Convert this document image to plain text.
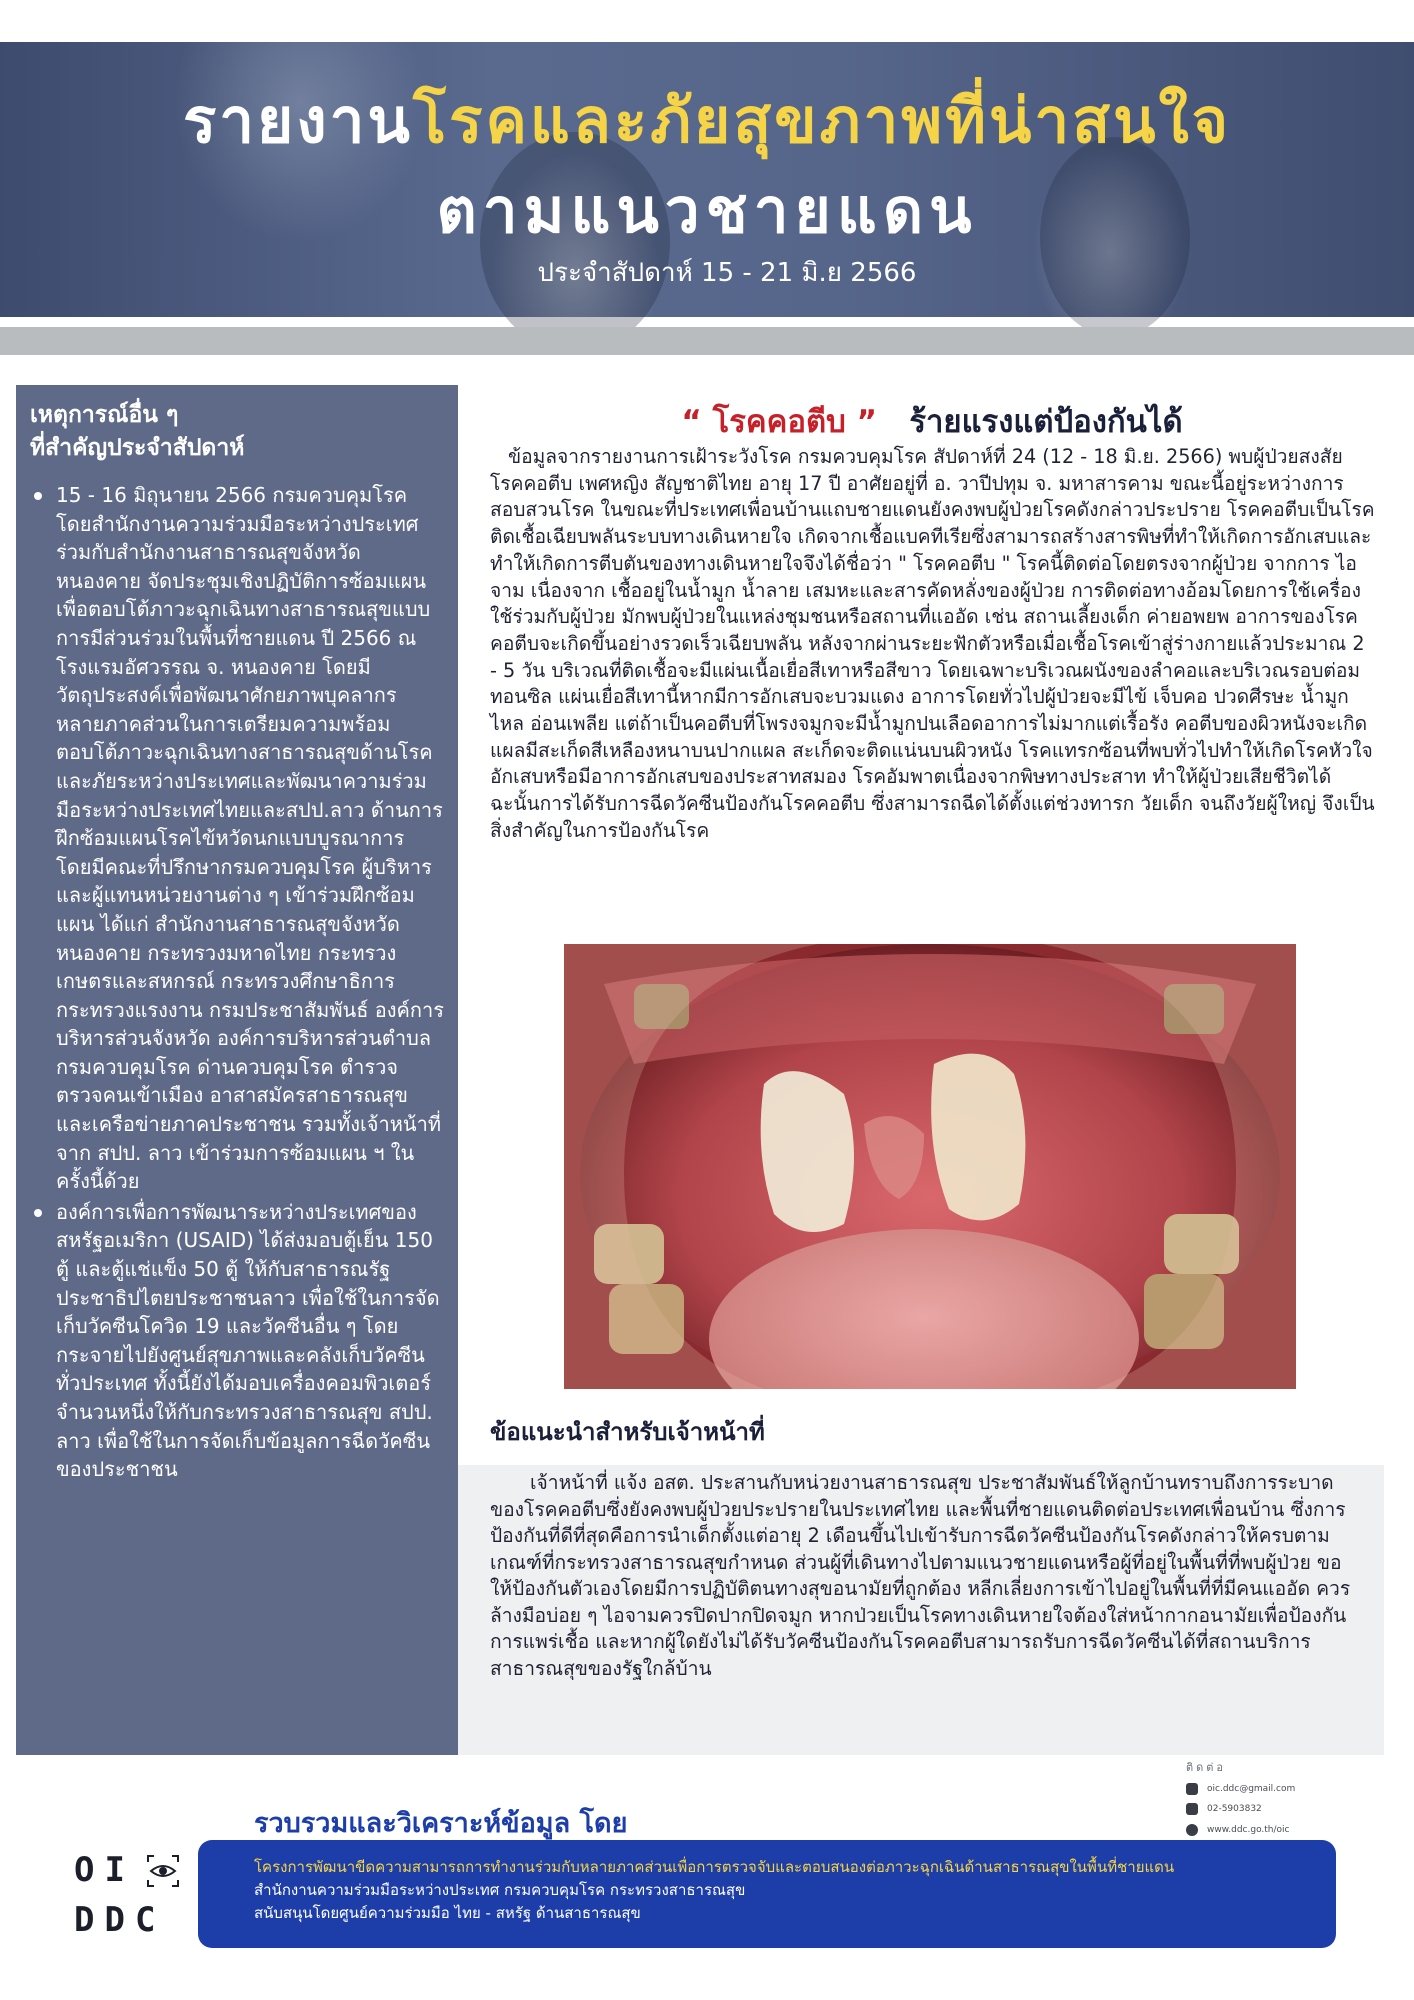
รายงานโรคและภัยสุขภาพที่น่าสนใจ
ตามแนวชายแดน
ประจำสัปดาห์ 15 - 21 มิ.ย 2566
เหตุการณ์อื่น ๆ
ที่สำคัญประจำสัปดาห์
15 - 16 มิถุนายน 2566 กรมควบคุมโรค โดยสำนักงานความร่วมมือระหว่างประเทศ ร่วมกับสำนักงานสาธารณสุขจังหวัดหนองคาย จัดประชุมเชิงปฏิบัติการซ้อมแผนเพื่อตอบโต้ภาวะฉุกเฉินทางสาธารณสุขแบบการมีส่วนร่วมในพื้นที่ชายแดน ปี 2566 ณ โรงแรมอัศวรรณ จ. หนองคาย โดยมีวัตถุประสงค์เพื่อพัฒนาศักยภาพบุคลากรหลายภาคส่วนในการเตรียมความพร้อมตอบโต้ภาวะฉุกเฉินทางสาธารณสุขด้านโรคและภัยระหว่างประเทศและพัฒนาความร่วมมือระหว่างประเทศไทยและสปป.ลาว ด้านการฝึกซ้อมแผนโรคไข้หวัดนกแบบบูรณาการ โดยมีคณะที่ปรึกษากรมควบคุมโรค ผู้บริหารและผู้แทนหน่วยงานต่าง ๆ เข้าร่วมฝึกซ้อมแผน ได้แก่ สำนักงานสาธารณสุขจังหวัดหนองคาย กระทรวงมหาดไทย กระทรวงเกษตรและสหกรณ์ กระทรวงศึกษาธิการ กระทรวงแรงงาน กรมประชาสัมพันธ์ องค์การบริหารส่วนจังหวัด องค์การบริหารส่วนตำบล กรมควบคุมโรค ด่านควบคุมโรค ตำรวจตรวจคนเข้าเมือง อาสาสมัครสาธารณสุข และเครือข่ายภาคประชาชน รวมทั้งเจ้าหน้าที่จาก สปป. ลาว เข้าร่วมการซ้อมแผน ฯ ในครั้งนี้ด้วย
องค์การเพื่อการพัฒนาระหว่างประเทศของสหรัฐอเมริกา (USAID) ได้ส่งมอบตู้เย็น 150 ตู้ และตู้แช่แข็ง 50 ตู้ ให้กับสาธารณรัฐประชาธิปไตยประชาชนลาว เพื่อใช้ในการจัดเก็บวัคซีนโควิด 19 และวัคซีนอื่น ๆ โดยกระจายไปยังศูนย์สุขภาพและคลังเก็บวัคซีนทั่วประเทศ ทั้งนี้ยังได้มอบเครื่องคอมพิวเตอร์จำนวนหนึ่งให้กับกระทรวงสาธารณสุข สปป. ลาว เพื่อใช้ในการจัดเก็บข้อมูลการฉีดวัคซีนของประชาชน
“ โรคคอตีบ ” ร้ายแรงแต่ป้องกันได้
ข้อมูลจากรายงานการเฝ้าระวังโรค กรมควบคุมโรค สัปดาห์ที่ 24 (12 - 18 มิ.ย. 2566) พบผู้ป่วยสงสัยโรคคอตีบ เพศหญิง สัญชาติไทย อายุ 17 ปี อาศัยอยู่ที่ อ. วาปีปทุม จ. มหาสารคาม ขณะนี้อยู่ระหว่างการสอบสวนโรค ในขณะที่ประเทศเพื่อนบ้านแถบชายแดนยังคงพบผู้ป่วยโรคดังกล่าวประปราย โรคคอตีบเป็นโรคติดเชื้อเฉียบพลันระบบทางเดินหายใจ เกิดจากเชื้อแบคทีเรียซึ่งสามารถสร้างสารพิษที่ทำให้เกิดการอักเสบและทำให้เกิดการตีบตันของทางเดินหายใจจึงได้ชื่อว่า " โรคคอตีบ " โรคนี้ติดต่อโดยตรงจากผู้ป่วย จากการ ไอ จาม เนื่องจาก เชื้ออยู่ในน้ำมูก น้ำลาย เสมหะและสารคัดหลั่งของผู้ป่วย การติดต่อทางอ้อมโดยการใช้เครื่องใช้ร่วมกับผู้ป่วย มักพบผู้ป่วยในแหล่งชุมชนหรือสถานที่แออัด เช่น สถานเลี้ยงเด็ก ค่ายอพยพ อาการของโรคคอตีบจะเกิดขึ้นอย่างรวดเร็วเฉียบพลัน หลังจากผ่านระยะฟักตัวหรือเมื่อเชื้อโรคเข้าสู่ร่างกายแล้วประมาณ 2 - 5 วัน บริเวณที่ติดเชื้อจะมีแผ่นเนื้อเยื่อสีเทาหรือสีขาว โดยเฉพาะบริเวณผนังของลำคอและบริเวณรอบต่อมทอนซิล แผ่นเยื่อสีเทานี้หากมีการอักเสบจะบวมแดง อาการโดยทั่วไปผู้ป่วยจะมีไข้ เจ็บคอ ปวดศีรษะ น้ำมูกไหล อ่อนเพลีย แต่ถ้าเป็นคอตีบที่โพรงจมูกจะมีน้ำมูกปนเลือดอาการไม่มากแต่เรื้อรัง คอตีบของผิวหนังจะเกิดแผลมีสะเก็ดสีเหลืองหนาบนปากแผล สะเก็ดจะติดแน่นบนผิวหนัง โรคแทรกซ้อนที่พบทั่วไปทำให้เกิดโรคหัวใจอักเสบหรือมีอาการอักเสบของประสาทสมอง โรคอัมพาตเนื่องจากพิษทางประสาท ทำให้ผู้ป่วยเสียชีวิตได้ ฉะนั้นการได้รับการฉีดวัคซีนป้องกันโรคคอตีบ ซึ่งสามารถฉีดได้ตั้งแต่ช่วงทารก วัยเด็ก จนถึงวัยผู้ใหญ่ จึงเป็นสิ่งสำคัญในการป้องกันโรค
ข้อแนะนำสำหรับเจ้าหน้าที่
เจ้าหน้าที่ แจ้ง อสต. ประสานกับหน่วยงานสาธารณสุข ประชาสัมพันธ์ให้ลูกบ้านทราบถึงการระบาดของโรคคอตีบซึ่งยังคงพบผู้ป่วยประปรายในประเทศไทย และพื้นที่ชายแดนติดต่อประเทศเพื่อนบ้าน ซึ่งการป้องกันที่ดีที่สุดคือการนำเด็กตั้งแต่อายุ 2 เดือนขึ้นไปเข้ารับการฉีดวัคซีนป้องกันโรคดังกล่าวให้ครบตามเกณฑ์ที่กระทรวงสาธารณสุขกำหนด ส่วนผู้ที่เดินทางไปตามแนวชายแดนหรือผู้ที่อยู่ในพื้นที่ที่พบผู้ป่วย ขอให้ป้องกันตัวเองโดยมีการปฏิบัติตนทางสุขอนามัยที่ถูกต้อง หลีกเลี่ยงการเข้าไปอยู่ในพื้นที่ที่มีคนแออัด ควรล้างมือบ่อย ๆ ไอจามควรปิดปากปิดจมูก หากป่วยเป็นโรคทางเดินหายใจต้องใส่หน้ากากอนามัยเพื่อป้องกันการแพร่เชื้อ และหากผู้ใดยังไม่ได้รับวัคซีนป้องกันโรคคอตีบสามารถรับการฉีดวัคซีนได้ที่สถานบริการสาธารณสุขของรัฐใกล้บ้าน
ติดต่อ
oic.ddc@gmail.com
02-5903832
www.ddc.go.th/oic
รวบรวมและวิเคราะห์ข้อมูล โดย
OI
DDC
โครงการพัฒนาขีดความสามารถการทำงานร่วมกับหลายภาคส่วนเพื่อการตรวจจับและตอบสนองต่อภาวะฉุกเฉินด้านสาธารณสุขในพื้นที่ชายแดน
สำนักงานความร่วมมือระหว่างประเทศ กรมควบคุมโรค กระทรวงสาธารณสุข
สนับสนุนโดยศูนย์ความร่วมมือ ไทย - สหรัฐ ด้านสาธารณสุข
